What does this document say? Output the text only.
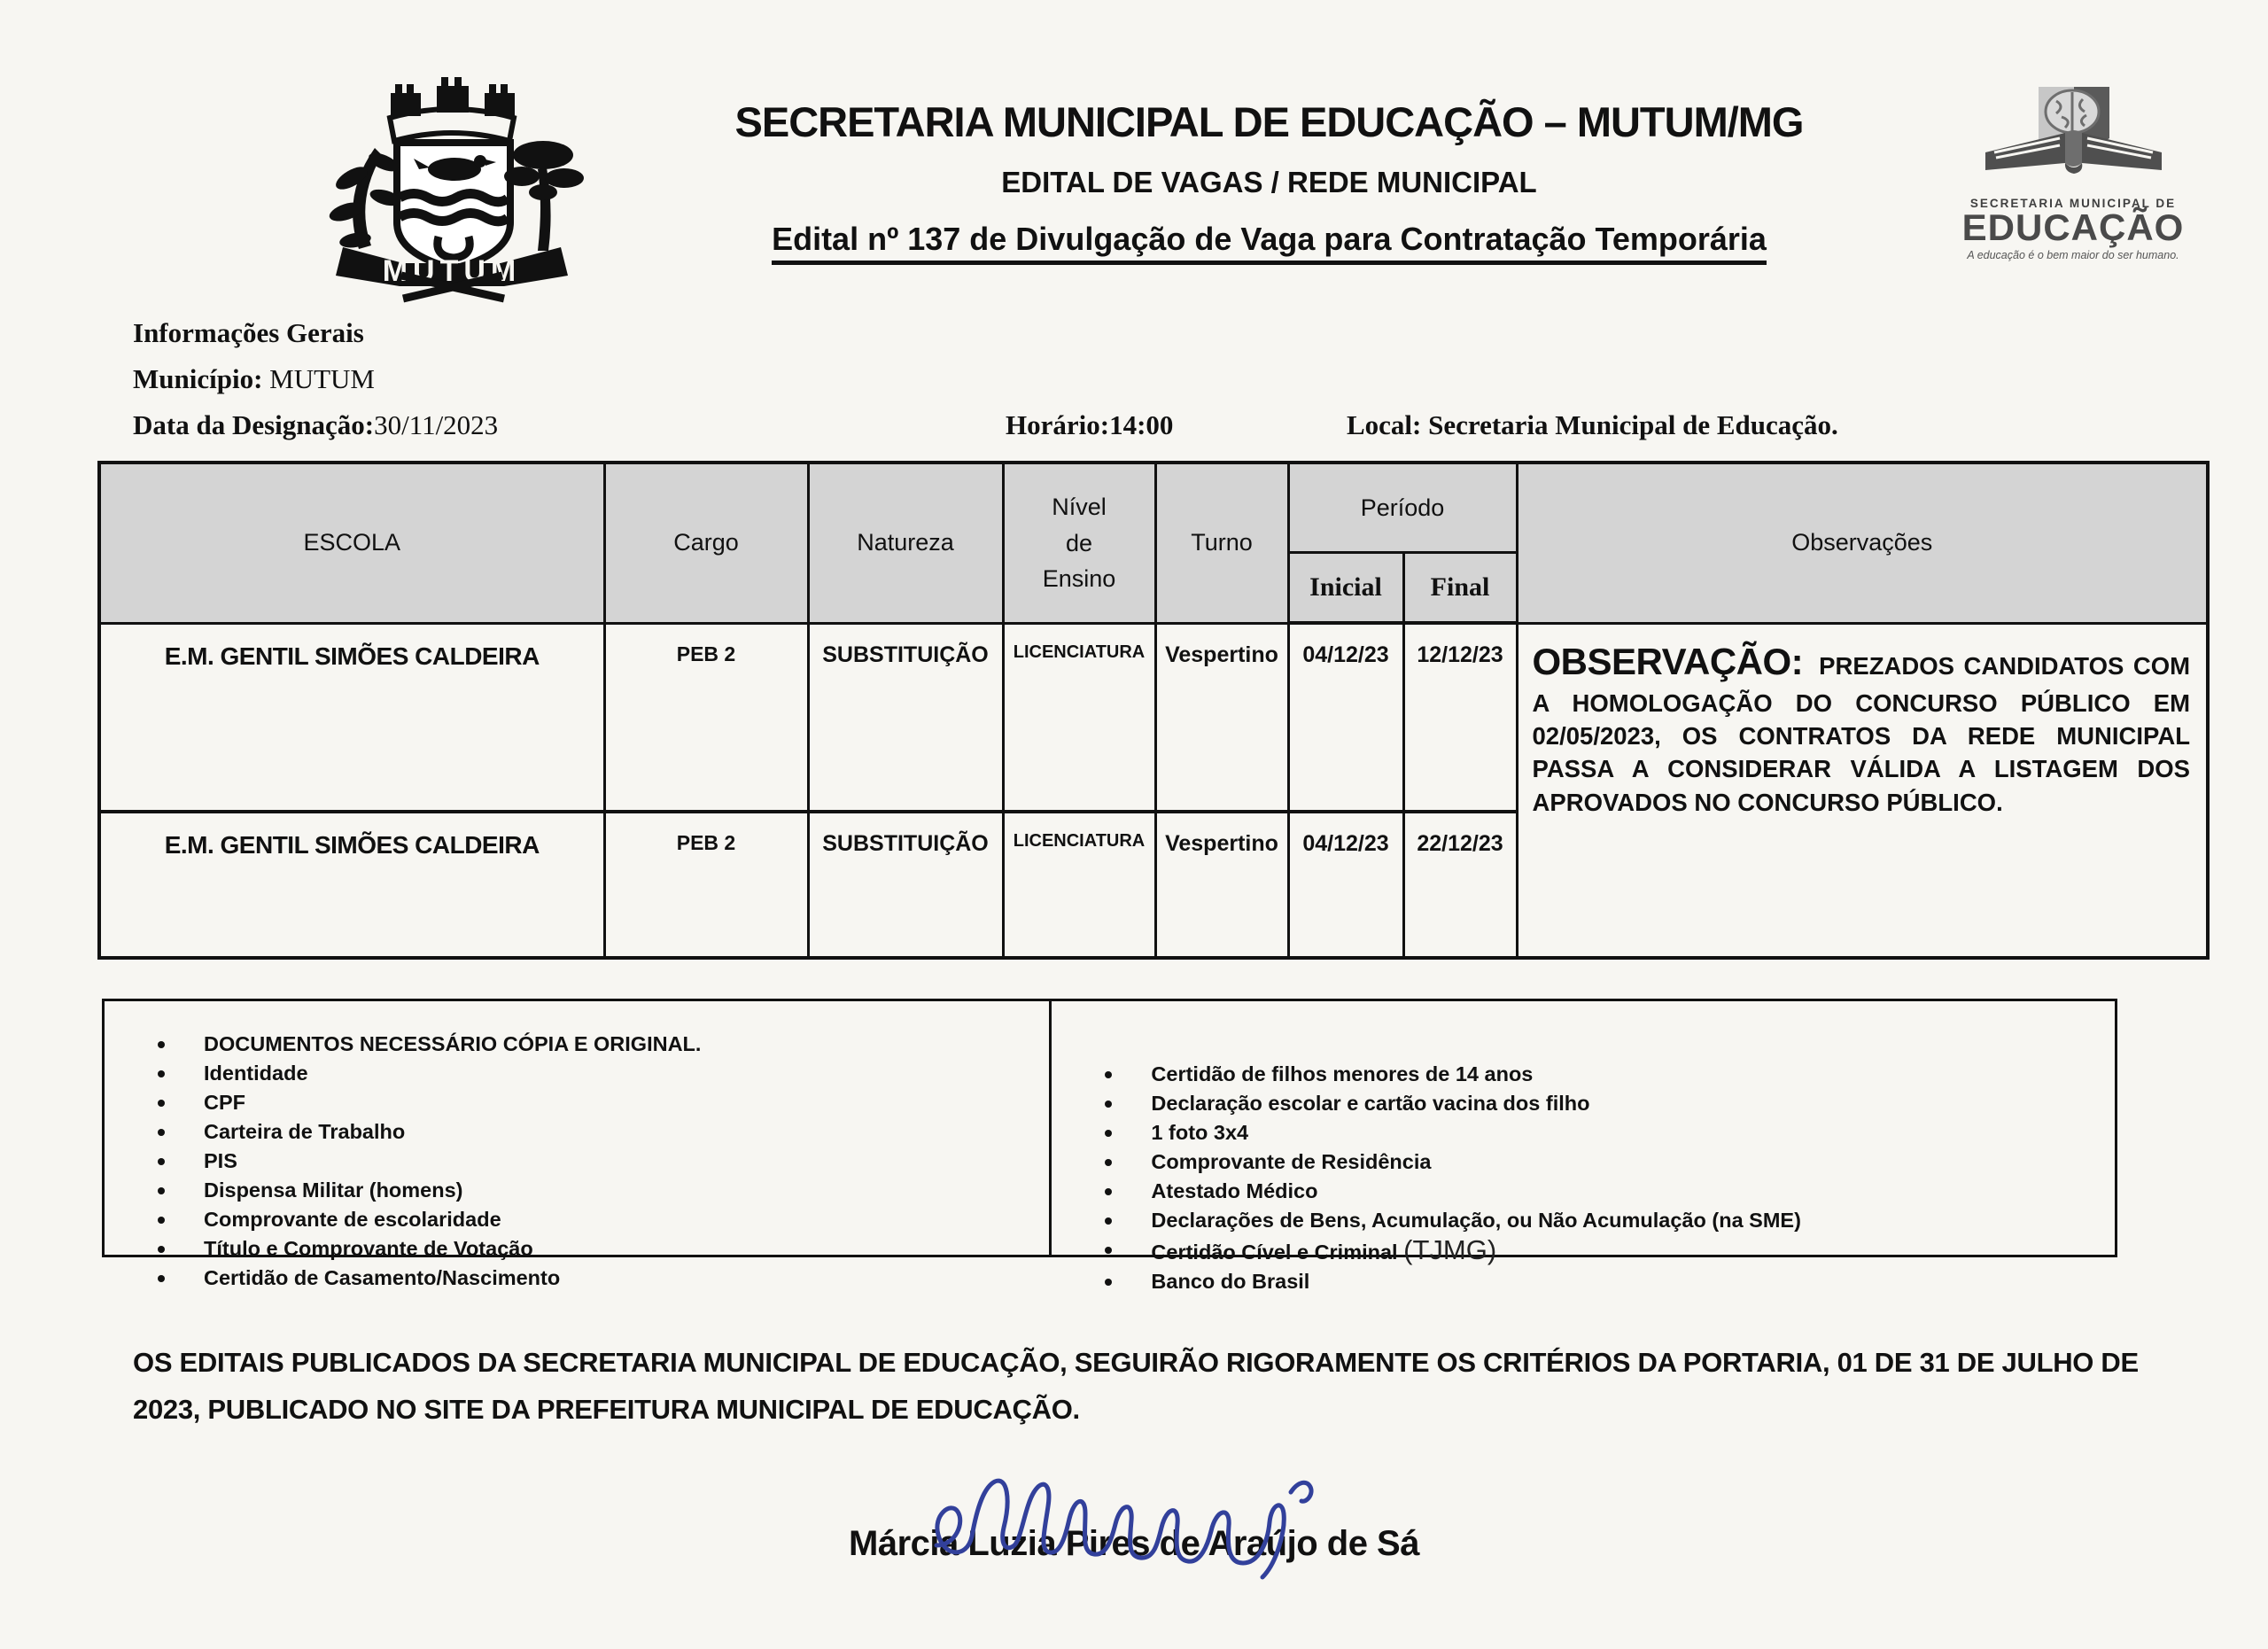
MUTUM
SECRETARIA MUNICIPAL DE EDUCAÇÃO – MUTUM/MG
EDITAL DE VAGAS / REDE MUNICIPAL
Edital nº 137 de Divulgação de Vaga para Contratação Temporária
SECRETARIA MUNICIPAL DE
EDUCAÇÃO
A educação é o bem maior do ser humano.
Informações Gerais
Município: MUTUM
Data da Designação:30/11/2023	Horário:14:00	Local: Secretaria Municipal de Educação.
ESCOLA	Cargo	Natureza	Nível de Ensino	Turno	Período		Observações
					Inicial	Final	
E.M. GENTIL SIMÕES CALDEIRA	PEB 2	SUBSTITUIÇÃO	LICENCIATURA	Vespertino	04/12/23	12/12/23	OBSERVAÇÃO: PREZADOS CANDIDATOS COM A HOMOLOGAÇÃO DO CONCURSO PÚBLICO EM 02/05/2023, OS CONTRATOS DA REDE MUNICIPAL PASSA A CONSIDERAR VÁLIDA A LISTAGEM DOS APROVADOS NO CONCURSO PÚBLICO.

E.M. GENTIL SIMÕES CALDEIRA	PEB 2	SUBSTITUIÇÃO	LICENCIATURA	Vespertino	04/12/23	22/12/23	
DOCUMENTOS NECESSÁRIO CÓPIA E ORIGINAL.
Identidade
CPF
Carteira de Trabalho
PIS
Dispensa Militar (homens)
Comprovante de escolaridade
Título e Comprovante de Votação
Certidão de Casamento/Nascimento
Certidão de filhos menores de 14 anos
Declaração escolar e cartão vacina dos filho
1 foto 3x4
Comprovante de Residência
Atestado Médico
Declarações de Bens, Acumulação, ou Não Acumulação (na SME)
Certidão Cível e Criminal (TJMG)
Banco do Brasil
OS EDITAIS PUBLICADOS DA SECRETARIA MUNICIPAL DE EDUCAÇÃO, SEGUIRÃO RIGORAMENTE OS CRITÉRIOS DA PORTARIA, 01 DE 31 DE JULHO DE 2023, PUBLICADO NO SITE DA PREFEITURA MUNICIPAL DE EDUCAÇÃO.
Márcia Luzia Pires de Araújo de Sá
